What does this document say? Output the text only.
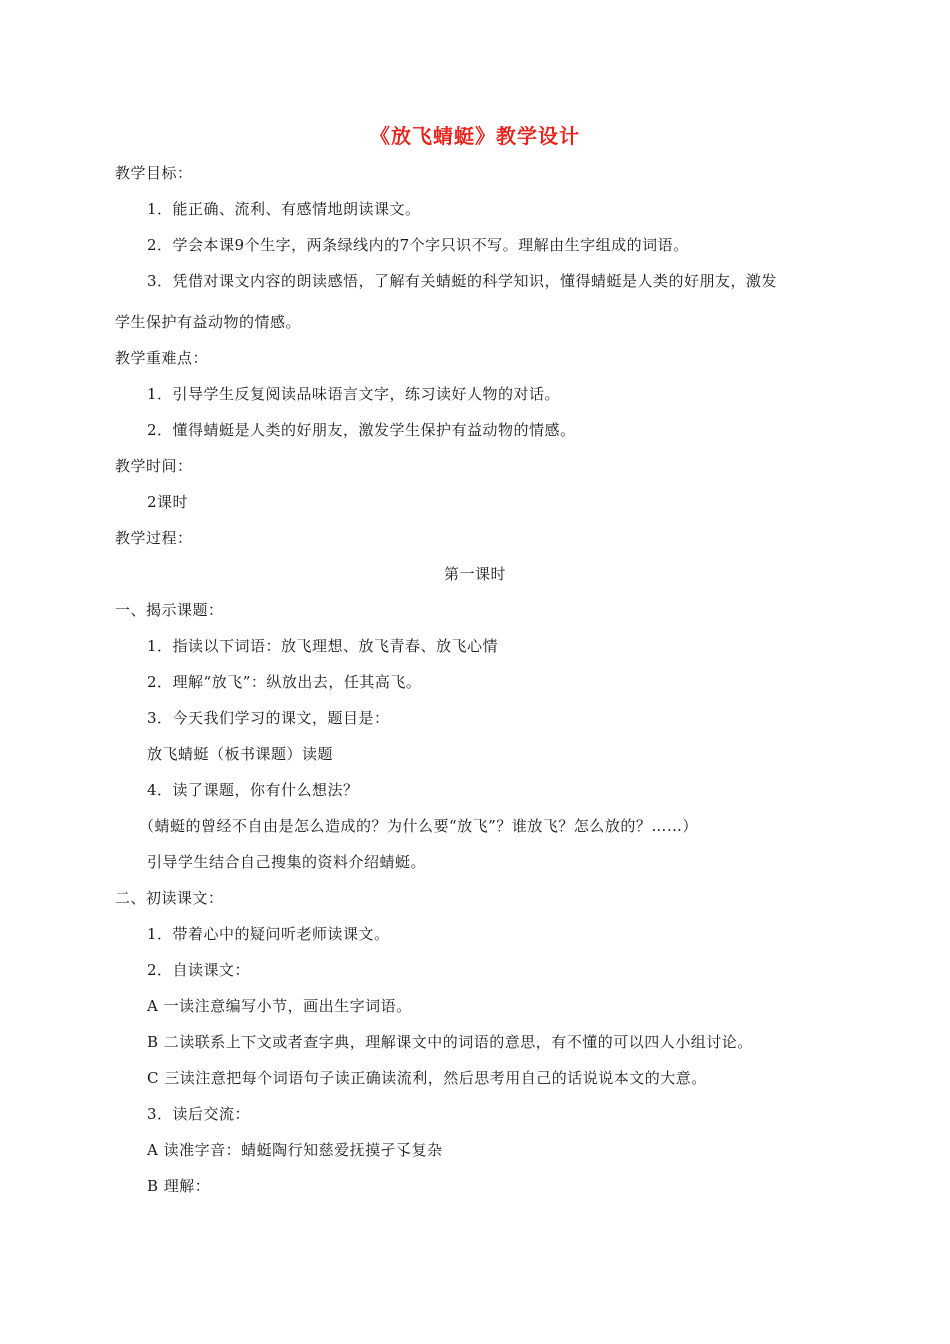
《放飞蜻蜓》教学设计
教学目标：
1．能正确、流利、有感情地朗读课文。
2．学会本课9个生字，两条绿线内的7个字只识不写。理解由生字组成的词语。
3．凭借对课文内容的朗读感悟，了解有关蜻蜓的科学知识，懂得蜻蜓是人类的好朋友，激发
学生保护有益动物的情感。
教学重难点：
1．引导学生反复阅读品味语言文字，练习读好人物的对话。
2．懂得蜻蜓是人类的好朋友，激发学生保护有益动物的情感。
教学时间：
2课时
教学过程：
第一课时
一、揭示课题：
1．指读以下词语：放飞理想、放飞青春、放飞心情
2．理解“放飞”：纵放出去，任其高飞。
3．今天我们学习的课文，题目是：
放飞蜻蜓（板书课题）读题
4．读了课题，你有什么想法？
（蜻蜓的曾经不自由是怎么造成的？为什么要“放飞”？谁放飞？怎么放的？……）
引导学生结合自己搜集的资料介绍蜻蜓。
二、初读课文：
1．带着心中的疑问听老师读课文。
2．自读课文：
A 一读注意编写小节，画出生字词语。
B 二读联系上下文或者查字典，理解课文中的词语的意思，有不懂的可以四人小组讨论。
C 三读注意把每个词语句子读正确读流利，然后思考用自己的话说说本文的大意。
3．读后交流：
A 读准字音：蜻蜓陶行知慈爱抚摸孑孓复杂
B 理解：
